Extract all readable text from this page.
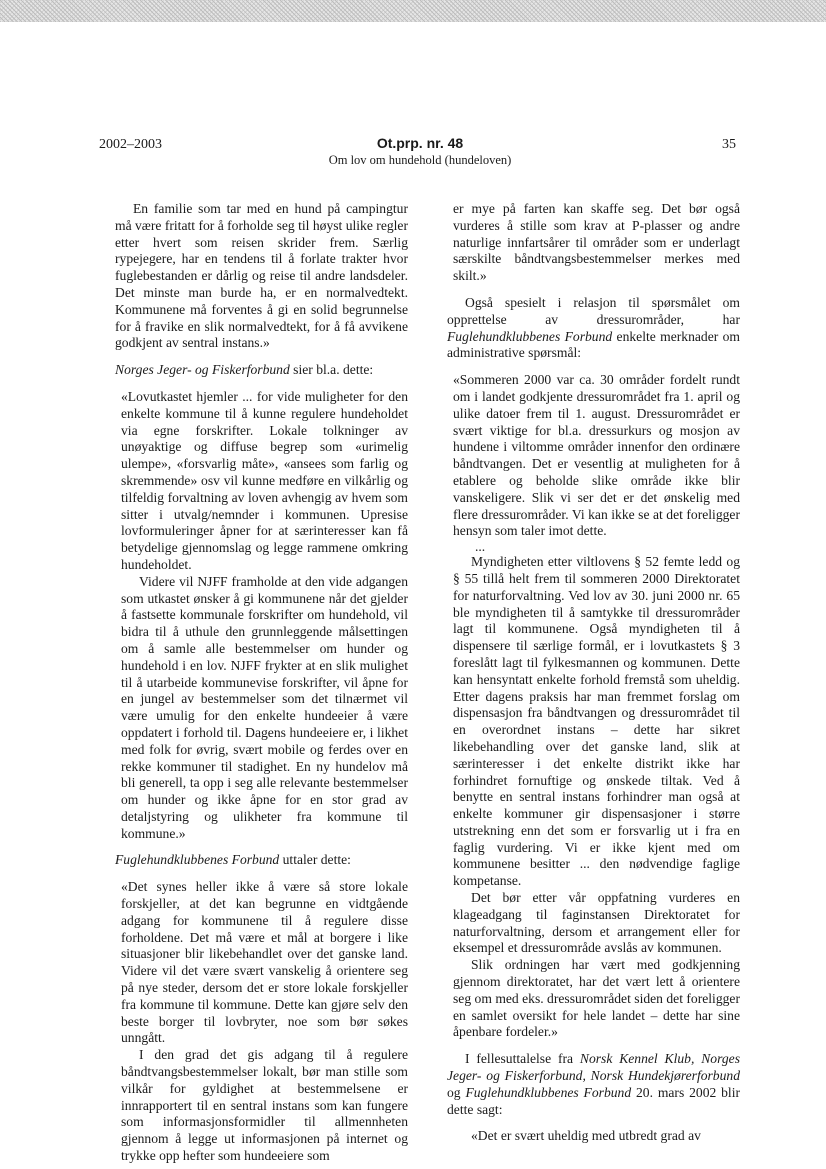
2002–2003	Ot.prp. nr. 48
Om lov om hundehold (hundeloven)
35

En familie som tar med en hund på campingtur må være fritatt for å forholde seg til høyst ulike regler etter hvert som reisen skrider frem. Særlig rypejegere, har en tendens til å forlate trakter hvor fuglebestanden er dårlig og reise til andre landsdeler. Det minste man burde ha, er en normalvedtekt. Kommunene må forventes å gi en solid begrunnelse for å fravike en slik normalvedtekt, for å få avvikene godkjent av sentral instans.»

Norges Jeger- og Fiskerforbund sier bl.a. dette:

«Lovutkastet hjemler ... for vide muligheter for den enkelte kommune til å kunne regulere hundeholdet via egne forskrifter. Lokale tolkninger av unøyaktige og diffuse begrep som «urimelig ulempe», «forsvarlig måte», «ansees som farlig og skremmende» osv vil kunne medføre en vilkårlig og tilfeldig forvaltning av loven avhengig av hvem som sitter i utvalg/nemnder i kommunen. Upresise lovformuleringer åpner for at særinteresser kan få betydelige gjennomslag og legge rammene omkring hundeholdet.

Videre vil NJFF framholde at den vide adgangen som utkastet ønsker å gi kommunene når det gjelder å fastsette kommunale forskrifter om hundehold, vil bidra til å uthule den grunnleggende målsettingen om å samle alle bestemmelser om hunder og hundehold i en lov. NJFF frykter at en slik mulighet til å utarbeide kommunevise forskrifter, vil åpne for en jungel av bestemmelser som det tilnærmet vil være umulig for den enkelte hundeeier å være oppdatert i forhold til. Dagens hundeeiere er, i likhet med folk for øvrig, svært mobile og ferdes over en rekke kommuner til stadighet. En ny hundelov må bli generell, ta opp i seg alle relevante bestemmelser om hunder og ikke åpne for en stor grad av detaljstyring og ulikheter fra kommune til kommune.»

Fuglehundklubbenes Forbund uttaler dette:

«Det synes heller ikke å være så store lokale forskjeller, at det kan begrunne en vidtgående adgang for kommunene til å regulere disse forholdene. Det må være et mål at borgere i like situasjoner blir likebehandlet over det ganske land. Videre vil det være svært vanskelig å orientere seg på nye steder, dersom det er store lokale forskjeller fra kommune til kommune. Dette kan gjøre selv den beste borger til lovbryter, noe som bør søkes unngått.

I den grad det gis adgang til å regulere båndtvangsbestemmelser lokalt, bør man stille som vilkår for gyldighet at bestemmelsene er innrapportert til en sentral instans som kan fungere som informasjonsformidler til allmennheten gjennom å legge ut informasjonen på internet og trykke opp hefter som hundeeiere som

er mye på farten kan skaffe seg. Det bør også vurderes å stille som krav at P-plasser og andre naturlige innfartsårer til områder som er underlagt særskilte båndtvangsbestemmelser merkes med skilt.»

Også spesielt i relasjon til spørsmålet om opprettelse av dressurområder, har Fuglehundklubbenes Forbund enkelte merknader om administrative spørsmål:

«Sommeren 2000 var ca. 30 områder fordelt rundt om i landet godkjente dressurområdet fra 1. april og ulike datoer frem til 1. august. Dressurområdet er svært viktige for bl.a. dressurkurs og mosjon av hundene i viltomme områder innenfor den ordinære båndtvangen. Det er vesentlig at muligheten for å etablere og beholde slike område ikke blir vanskeligere. Slik vi ser det er det ønskelig med flere dressurområder. Vi kan ikke se at det foreligger hensyn som taler imot dette.

...

Myndigheten etter viltlovens § 52 femte ledd og § 55 tillå helt frem til sommeren 2000 Direktoratet for naturforvaltning. Ved lov av 30. juni 2000 nr. 65 ble myndigheten til å samtykke til dressurområder lagt til kommunene. Også myndigheten til å dispensere til særlige formål, er i lovutkastets § 3 foreslått lagt til fylkesmannen og kommunen. Dette kan hensyntatt enkelte forhold fremstå som uheldig. Etter dagens praksis har man fremmet forslag om dispensasjon fra båndtvangen og dressurområdet til en overordnet instans – dette har sikret likebehandling over det ganske land, slik at særinteresser i det enkelte distrikt ikke har forhindret fornuftige og ønskede tiltak. Ved å benytte en sentral instans forhindrer man også at enkelte kommuner gir dispensasjoner i større utstrekning enn det som er forsvarlig ut i fra en faglig vurdering. Vi er ikke kjent med om kommunene besitter ... den nødvendige faglige kompetanse.

Det bør etter vår oppfatning vurderes en klageadgang til faginstansen Direktoratet for naturforvaltning, dersom et arrangement eller for eksempel et dressurområde avslås av kommunen.

Slik ordningen har vært med godkjenning gjennom direktoratet, har det vært lett å orientere seg om med eks. dressurområdet siden det foreligger en samlet oversikt for hele landet – dette har sine åpenbare fordeler.»

I fellesuttalelse fra Norsk Kennel Klub, Norges Jeger- og Fiskerforbund, Norsk Hundekjørerforbund og Fuglehundklubbenes Forbund 20. mars 2002 blir dette sagt:

«Det er svært uheldig med utbredt grad av
